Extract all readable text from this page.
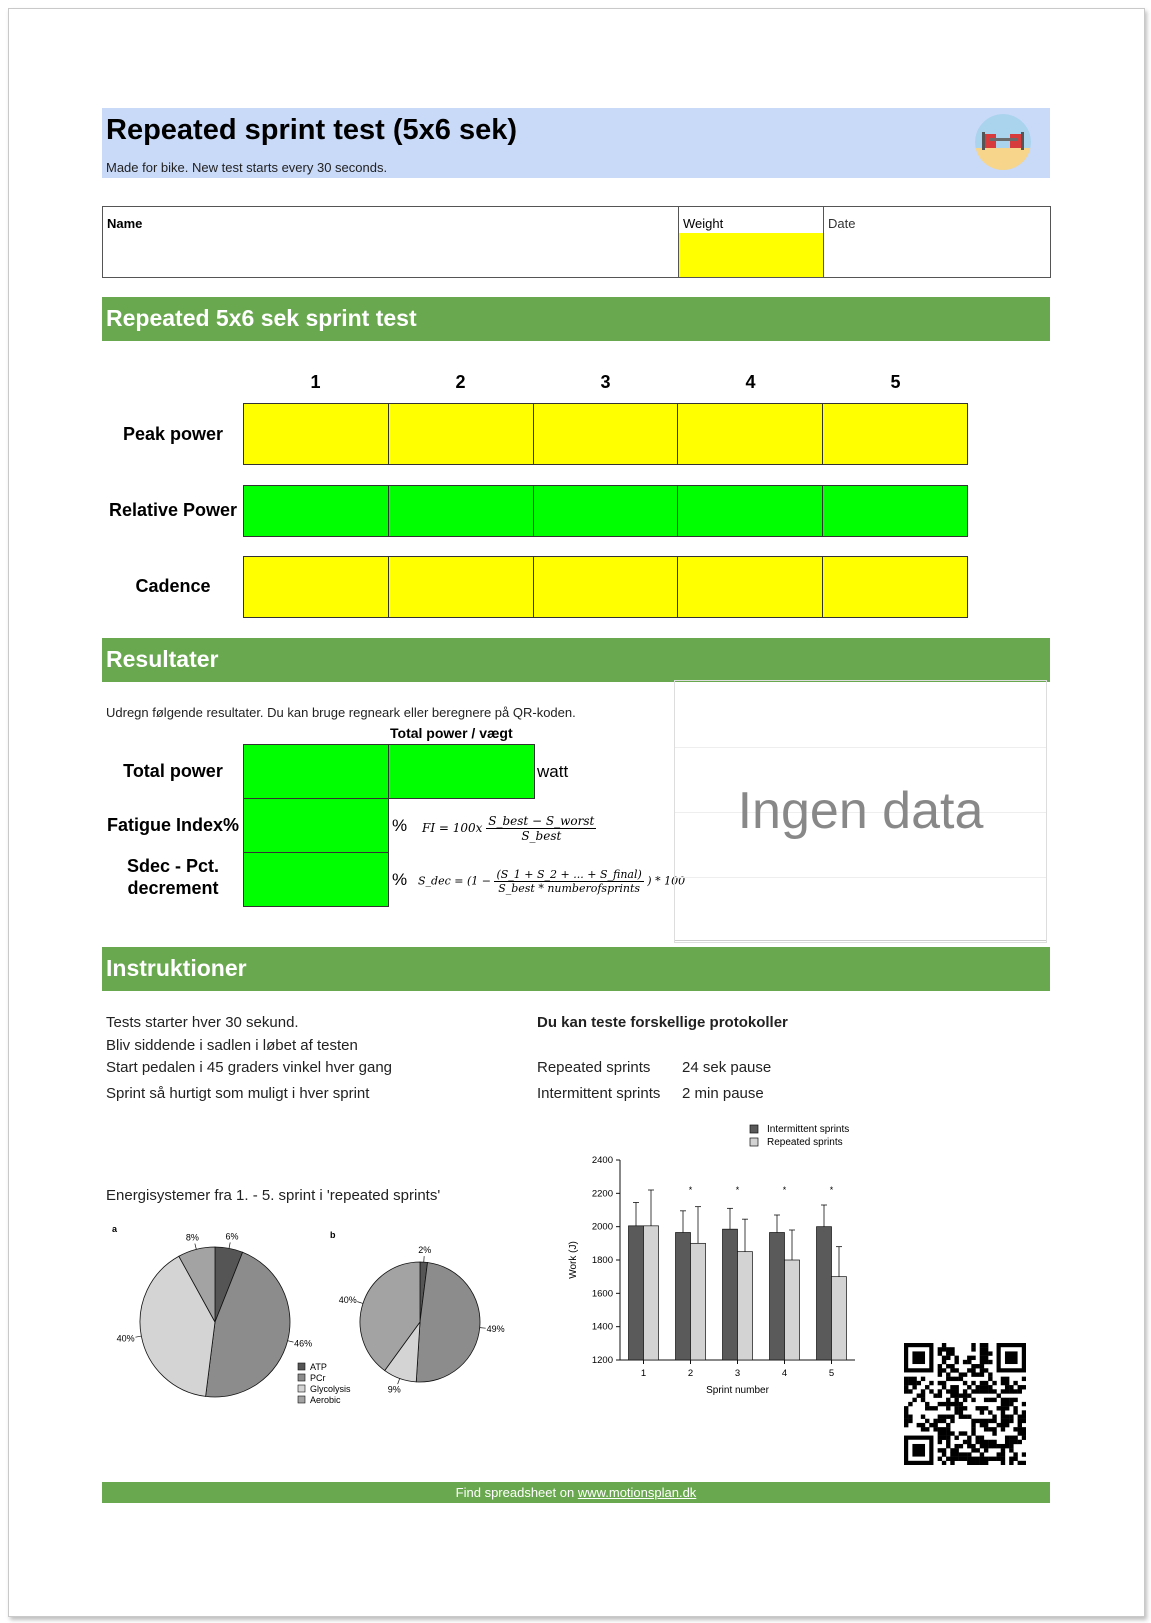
Repeated sprint test (5x6 sek)
Made for bike. New test starts every 30 seconds.
Name	Weight	Date
Repeated 5x6 sek sprint test
1	2	3	4	5
Peak power
Relative Power
Cadence
Resultater
Udregn følgende resultater. Du kan bruge regneark eller beregnere på QR-koden.
Total power / vægt
Total power	watt
Fatigue Index%	% FI = $100x \frac{\text{S\_best − S\_worst}}{\text{S\_best}}$
Sdec - Pct. decrement	% S_dec = ($1 - \frac{\text{(S\_1 + S\_2 + ... + S\_final)}}{\text{S\_best * numberofsprints}}$ ) * 100
Ingen data
Instruktioner
Tests starter hver 30 sekund.
Bliv siddende i sadlen i løbet af testen
Start pedalen i 45 graders vinkel hver gang
Sprint så hurtigt som muligt i hver sprint
Du kan teste forskellige protokoller
Repeated sprints 24 sek pause
Intermittent sprints 2 min pause
Energisystemer fra 1. - 5. sprint i 'repeated sprints'
a
6%
46%
40%
8%
ATP
PCr
Glycolysis
Aerobic
b
2%
49%
9%
40%
Intermittent sprints
Repeated sprints
1200
1400
1600
1800
2000
2200
2400
Work (J)
Sprint number
1	2
*
3
*
4
*
5
*
Find spreadsheet on www.motionsplan.dk
